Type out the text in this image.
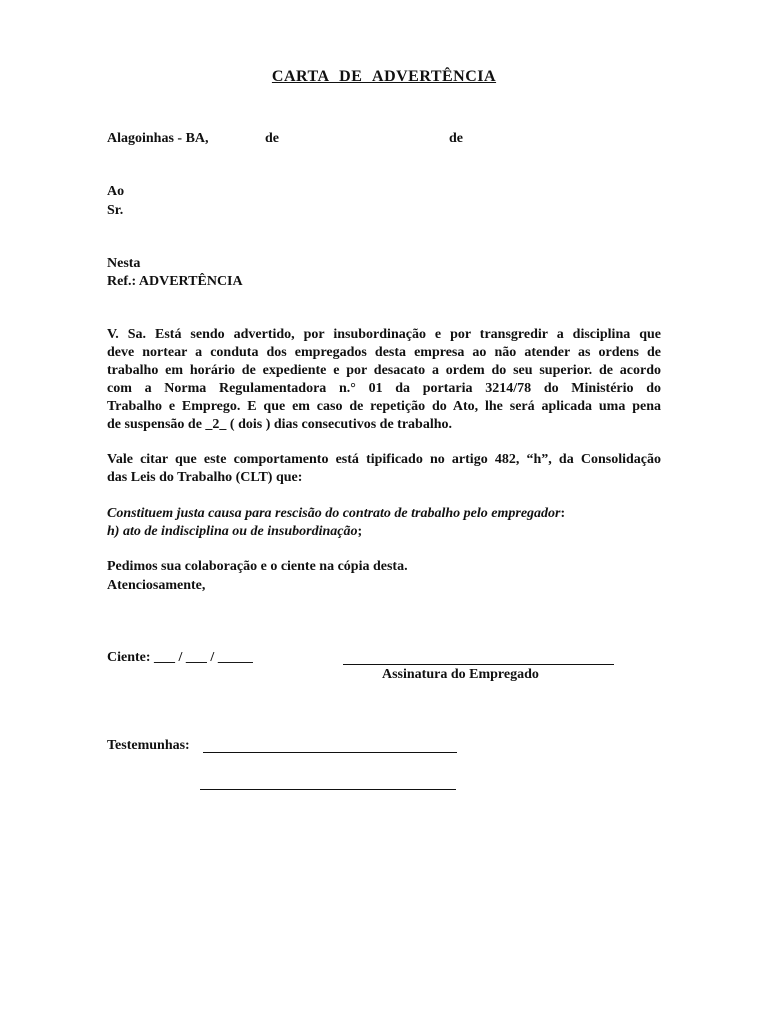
CARTA DE ADVERTÊNCIA
Alagoinhas - BA,	de	de
Ao
Sr.
Nesta
Ref.: ADVERTÊNCIA
V. Sa. Está sendo advertido, por insubordinação e por transgredir a disciplina que
deve nortear a conduta dos empregados desta empresa ao não atender as ordens de
trabalho em horário de expediente e por desacato a ordem do seu superior. de acordo
com a Norma Regulamentadora n.° 01 da portaria 3214/78 do Ministério do
Trabalho e Emprego. E que em caso de repetição do Ato, lhe será aplicada uma pena
de suspensão de _2_ ( dois ) dias consecutivos de trabalho.
Vale citar que este comportamento está tipificado no artigo 482, “h”, da Consolidação
das Leis do Trabalho (CLT) que:
Constituem justa causa para rescisão do contrato de trabalho pelo empregador:
h) ato de indisciplina ou de insubordinação;
Pedimos sua colaboração e o ciente na cópia desta.
Atenciosamente,
Ciente: ___ / ___ / _____
Assinatura do Empregado
Testemunhas:
